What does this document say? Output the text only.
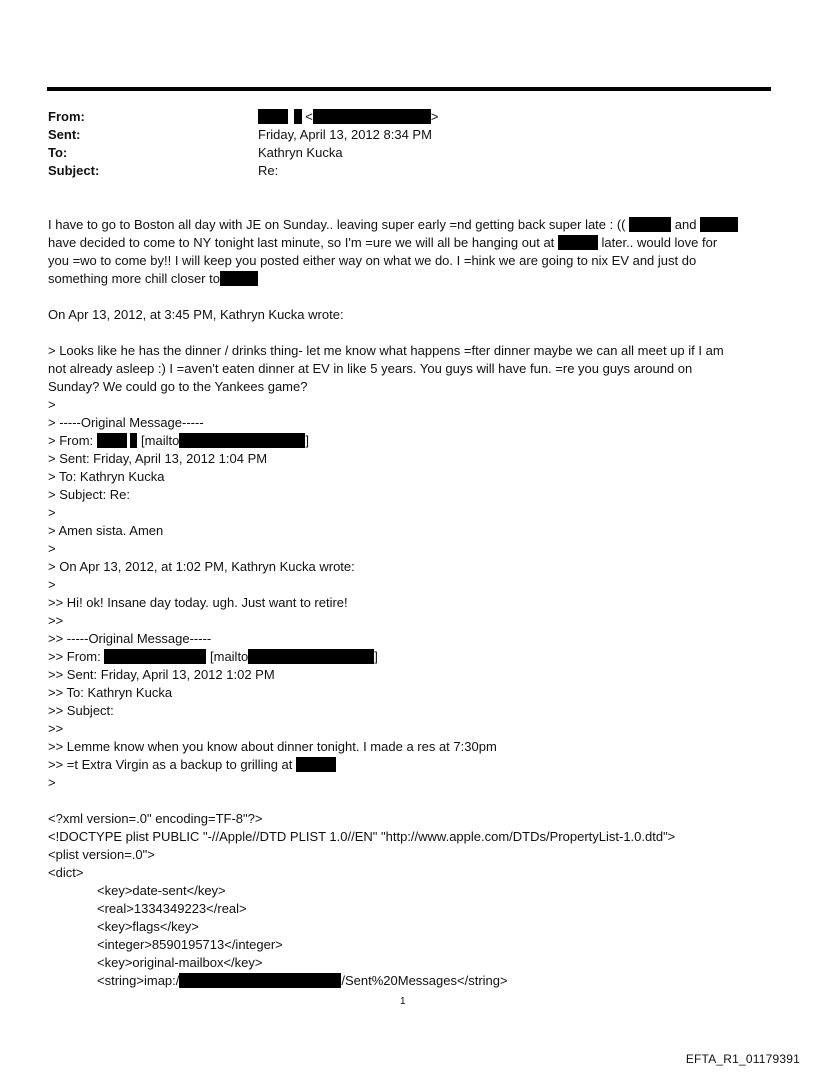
From:	<	>
Sent:	Friday, April 13, 2012 8:34 PM
To:	Kathryn Kucka
Subject:	Re:
I have to go to Boston all day with JE on Sunday.. leaving super early =nd getting back super late : ((	and
have decided to come to NY tonight last minute, so I'm =ure we will all be hanging out at	later.. would love for
you =wo to come by!! I will keep you posted either way on what we do. I =hink we are going to nix EV and just do
something more chill closer to
On Apr 13, 2012, at 3:45 PM, Kathryn Kucka wrote:
> Looks like he has the dinner / drinks thing- let me know what happens =fter dinner maybe we can all meet up if I am
not already asleep :) I =aven't eaten dinner at EV in like 5 years. You guys will have fun. =re you guys around on
Sunday? We could go to the Yankees game?
>
> -----Original Message-----
> From:	[mailto	]
> Sent: Friday, April 13, 2012 1:04 PM
> To: Kathryn Kucka
> Subject: Re:
>
> Amen sista. Amen
>
> On Apr 13, 2012, at 1:02 PM, Kathryn Kucka wrote:
>
>> Hi! ok! Insane day today. ugh. Just want to retire!
>>
>> -----Original Message-----
>> From:	[mailto	]
>> Sent: Friday, April 13, 2012 1:02 PM
>> To: Kathryn Kucka
>> Subject:
>>
>> Lemme know when you know about dinner tonight. I made a res at 7:30pm
>> =t Extra Virgin as a backup to grilling at
>
<?xml version=.0" encoding=TF-8"?>
<!DOCTYPE plist PUBLIC "-//Apple//DTD PLIST 1.0//EN" "http://www.apple.com/DTDs/PropertyList-1.0.dtd">
<plist version=.0">
<dict>
<key>date-sent</key>
<real>1334349223</real>
<key>flags</key>
<integer>8590195713</integer>
<key>original-mailbox</key>
<string>imap:/	/Sent%20Messages</string>
1
EFTA_R1_01179391
